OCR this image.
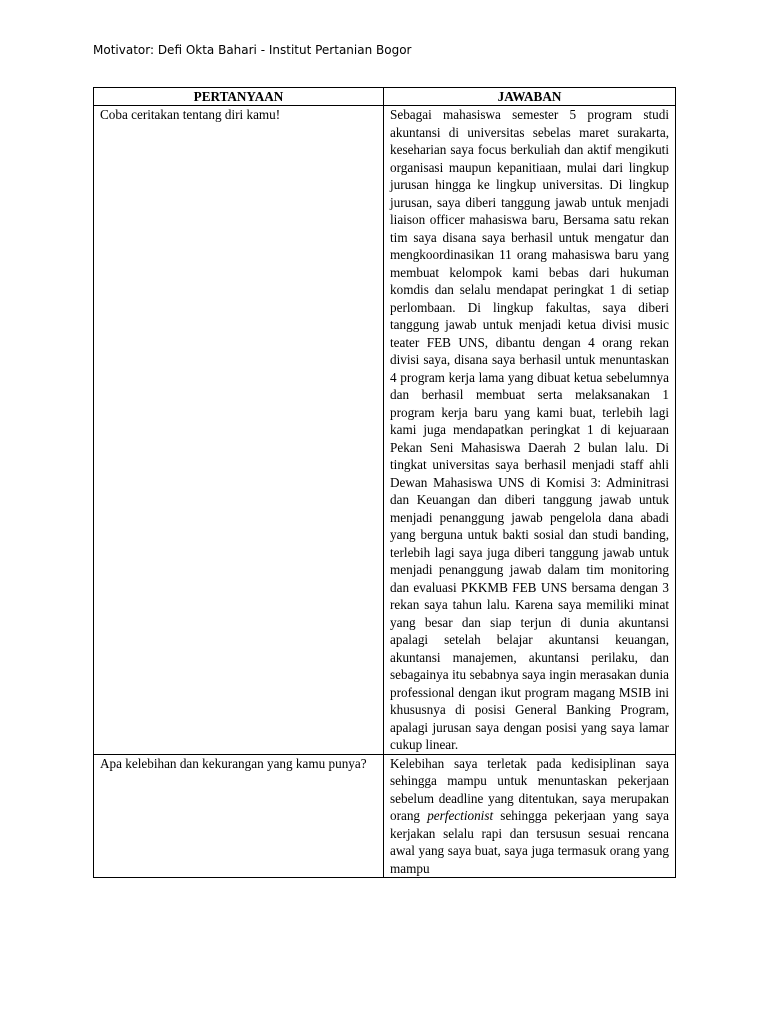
Motivator: Defi Okta Bahari - Institut Pertanian Bogor
PERTANYAAN	JAWABAN
Coba ceritakan tentang diri kamu!	Sebagai mahasiswa semester 5 program studi akuntansi di universitas sebelas maret surakarta, keseharian saya focus berkuliah dan aktif mengikuti organisasi maupun kepanitiaan, mulai dari lingkup jurusan hingga ke lingkup universitas. Di lingkup jurusan, saya diberi tanggung jawab untuk menjadi liaison officer mahasiswa baru, Bersama satu rekan tim saya disana saya berhasil untuk mengatur dan mengkoordinasikan 11 orang mahasiswa baru yang membuat kelompok kami bebas dari hukuman komdis dan selalu mendapat peringkat 1 di setiap perlombaan. Di lingkup fakultas, saya diberi tanggung jawab untuk menjadi ketua divisi music teater FEB UNS, dibantu dengan 4 orang rekan divisi saya, disana saya berhasil untuk menuntaskan 4 program kerja lama yang dibuat ketua sebelumnya dan berhasil membuat serta melaksanakan 1 program kerja baru yang kami buat, terlebih lagi kami juga mendapatkan peringkat 1 di kejuaraan Pekan Seni Mahasiswa Daerah 2 bulan lalu. Di tingkat universitas saya berhasil menjadi staff ahli Dewan Mahasiswa UNS di Komisi 3: Adminitrasi dan Keuangan dan diberi tanggung jawab untuk menjadi penanggung jawab pengelola dana abadi yang berguna untuk bakti sosial dan studi banding, terlebih lagi saya juga diberi tanggung jawab untuk menjadi penanggung jawab dalam tim monitoring dan evaluasi PKKMB FEB UNS bersama dengan 3 rekan saya tahun lalu. Karena saya memiliki minat yang besar dan siap terjun di dunia akuntansi apalagi setelah belajar akuntansi keuangan, akuntansi manajemen, akuntansi perilaku, dan sebagainya itu sebabnya saya ingin merasakan dunia professional dengan ikut program magang MSIB ini khususnya di posisi General Banking Program, apalagi jurusan saya dengan posisi yang saya lamar cukup linear.

Apa kelebihan dan kekurangan yang kamu punya?	Kelebihan saya terletak pada kedisiplinan saya sehingga mampu untuk menuntaskan pekerjaan sebelum deadline yang ditentukan, saya merupakan orang perfectionist sehingga pekerjaan yang saya kerjakan selalu rapi dan tersusun sesuai rencana awal yang saya buat, saya juga termasuk orang yang mampu
